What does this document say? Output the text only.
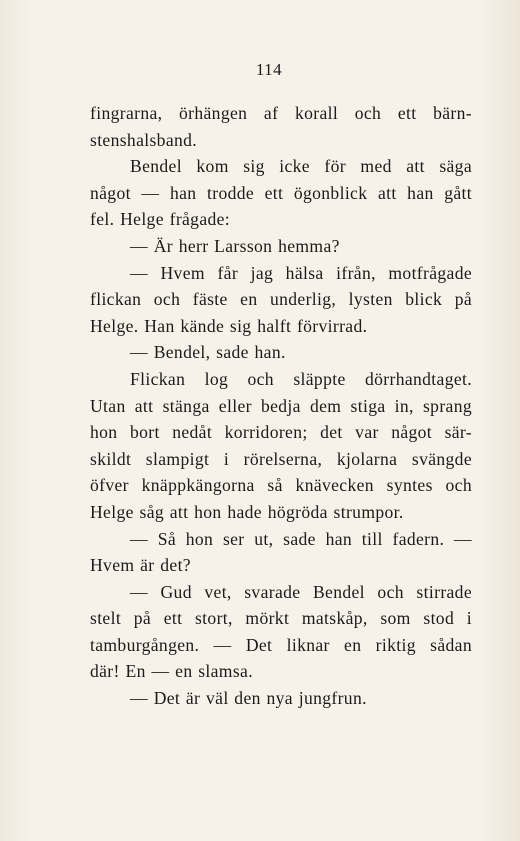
114
fingrarna, örhängen af korall och ett bärn-
stenshalsband.
Bendel kom sig icke för med att säga
något — han trodde ett ögonblick att han gått
fel. Helge frågade:
— Är herr Larsson hemma?
— Hvem får jag hälsa ifrån, motfrågade
flickan och fäste en underlig, lysten blick på
Helge. Han kände sig halft förvirrad.
— Bendel, sade han.
Flickan log och släppte dörrhandtaget.
Utan att stänga eller bedja dem stiga in, sprang
hon bort nedåt korridoren; det var något sär-
skildt slampigt i rörelserna, kjolarna svängde
öfver knäppkängorna så knävecken syntes och
Helge såg att hon hade högröda strumpor.
— Så hon ser ut, sade han till fadern. —
Hvem är det?
— Gud vet, svarade Bendel och stirrade
stelt på ett stort, mörkt matskåp, som stod i
tamburgången. — Det liknar en riktig sådan
där! En — en slamsa.
— Det är väl den nya jungfrun.
